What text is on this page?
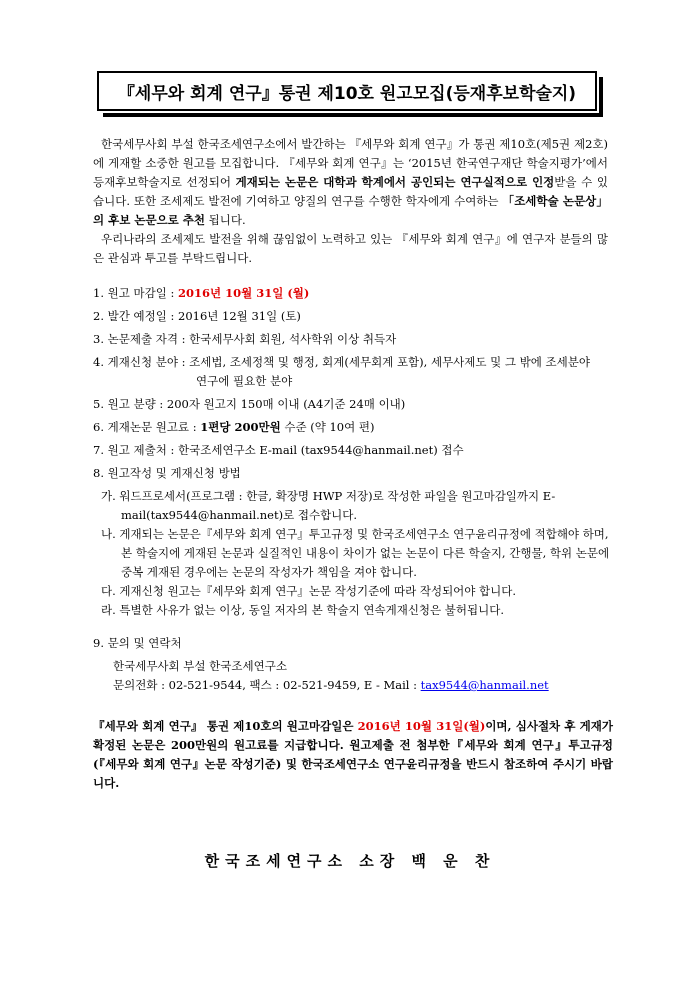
『세무와 회계 연구』통권 제10호 원고모집(등재후보학술지)

한국세무사회 부설 한국조세연구소에서 발간하는 『세무와 회계 연구』가 통권 제10호(제5권 제2호)에 게재할 소중한 원고를 모집합니다. 『세무와 회계 연구』는 ‘2015년 한국연구재단 학술지평가’에서 등재후보학술지로 선정되어 게재되는 논문은 대학과 학계에서 공인되는 연구실적으로 인정받을 수 있습니다. 또한 조세제도 발전에 기여하고 양질의 연구를 수행한 학자에게 수여하는 「조세학술 논문상」의 후보 논문으로 추천 됩니다.

우리나라의 조세제도 발전을 위해 끊임없이 노력하고 있는 『세무와 회계 연구』에 연구자 분들의 많은 관심과 투고를 부탁드립니다.

1. 원고 마감일 : 2016년 10월 31일 (월)
2. 발간 예정일 : 2016년 12월 31일 (토)
3. 논문제출 자격 : 한국세무사회 회원, 석사학위 이상 취득자
4. 게재신청 분야 : 조세법, 조세정책 및 행정, 회계(세무회계 포함), 세무사제도 및 그 밖에 조세분야
연구에 필요한 분야
5. 원고 분량 : 200자 원고지 150매 이내 (A4기준 24매 이내)
6. 게재논문 원고료 : 1편당 200만원 수준 (약 10여 편)
7. 원고 제출처 : 한국조세연구소 E-mail (tax9544@hanmail.net) 접수
8. 원고작성 및 게재신청 방법

가. 워드프로세서(프로그램 : 한글, 확장명 HWP 저장)로 작성한 파일을 원고마감일까지 E-mail(tax9544@hanmail.net)로 접수합니다.

나. 게재되는 논문은『세무와 회계 연구』투고규정 및 한국조세연구소 연구윤리규정에 적합해야 하며, 본 학술지에 게재된 논문과 실질적인 내용이 차이가 없는 논문이 다른 학술지, 간행물, 학위 논문에 중복 게재된 경우에는 논문의 작성자가 책임을 져야 합니다.

다. 게재신청 원고는『세무와 회계 연구』논문 작성기준에 따라 작성되어야 합니다.

라. 특별한 사유가 없는 이상, 동일 저자의 본 학술지 연속게재신청은 불허됩니다.

9. 문의 및 연락처

한국세무사회 부설 한국조세연구소

문의전화 : 02-521-9544, 팩스 : 02-521-9459, E - Mail : tax9544@hanmail.net

『세무와 회계 연구』 통권 제10호의 원고마감일은 2016년 10월 31일(월)이며, 심사절차 후 게재가 확정된 논문은 200만원의 원고료를 지급합니다. 원고제출 전 첨부한『세무와 회계 연구』투고규정(『세무와 회계 연구』논문 작성기준) 및 한국조세연구소 연구윤리규정을 반드시 참조하여 주시기 바랍니다.
한국조세연구소 소장 백 운 찬
